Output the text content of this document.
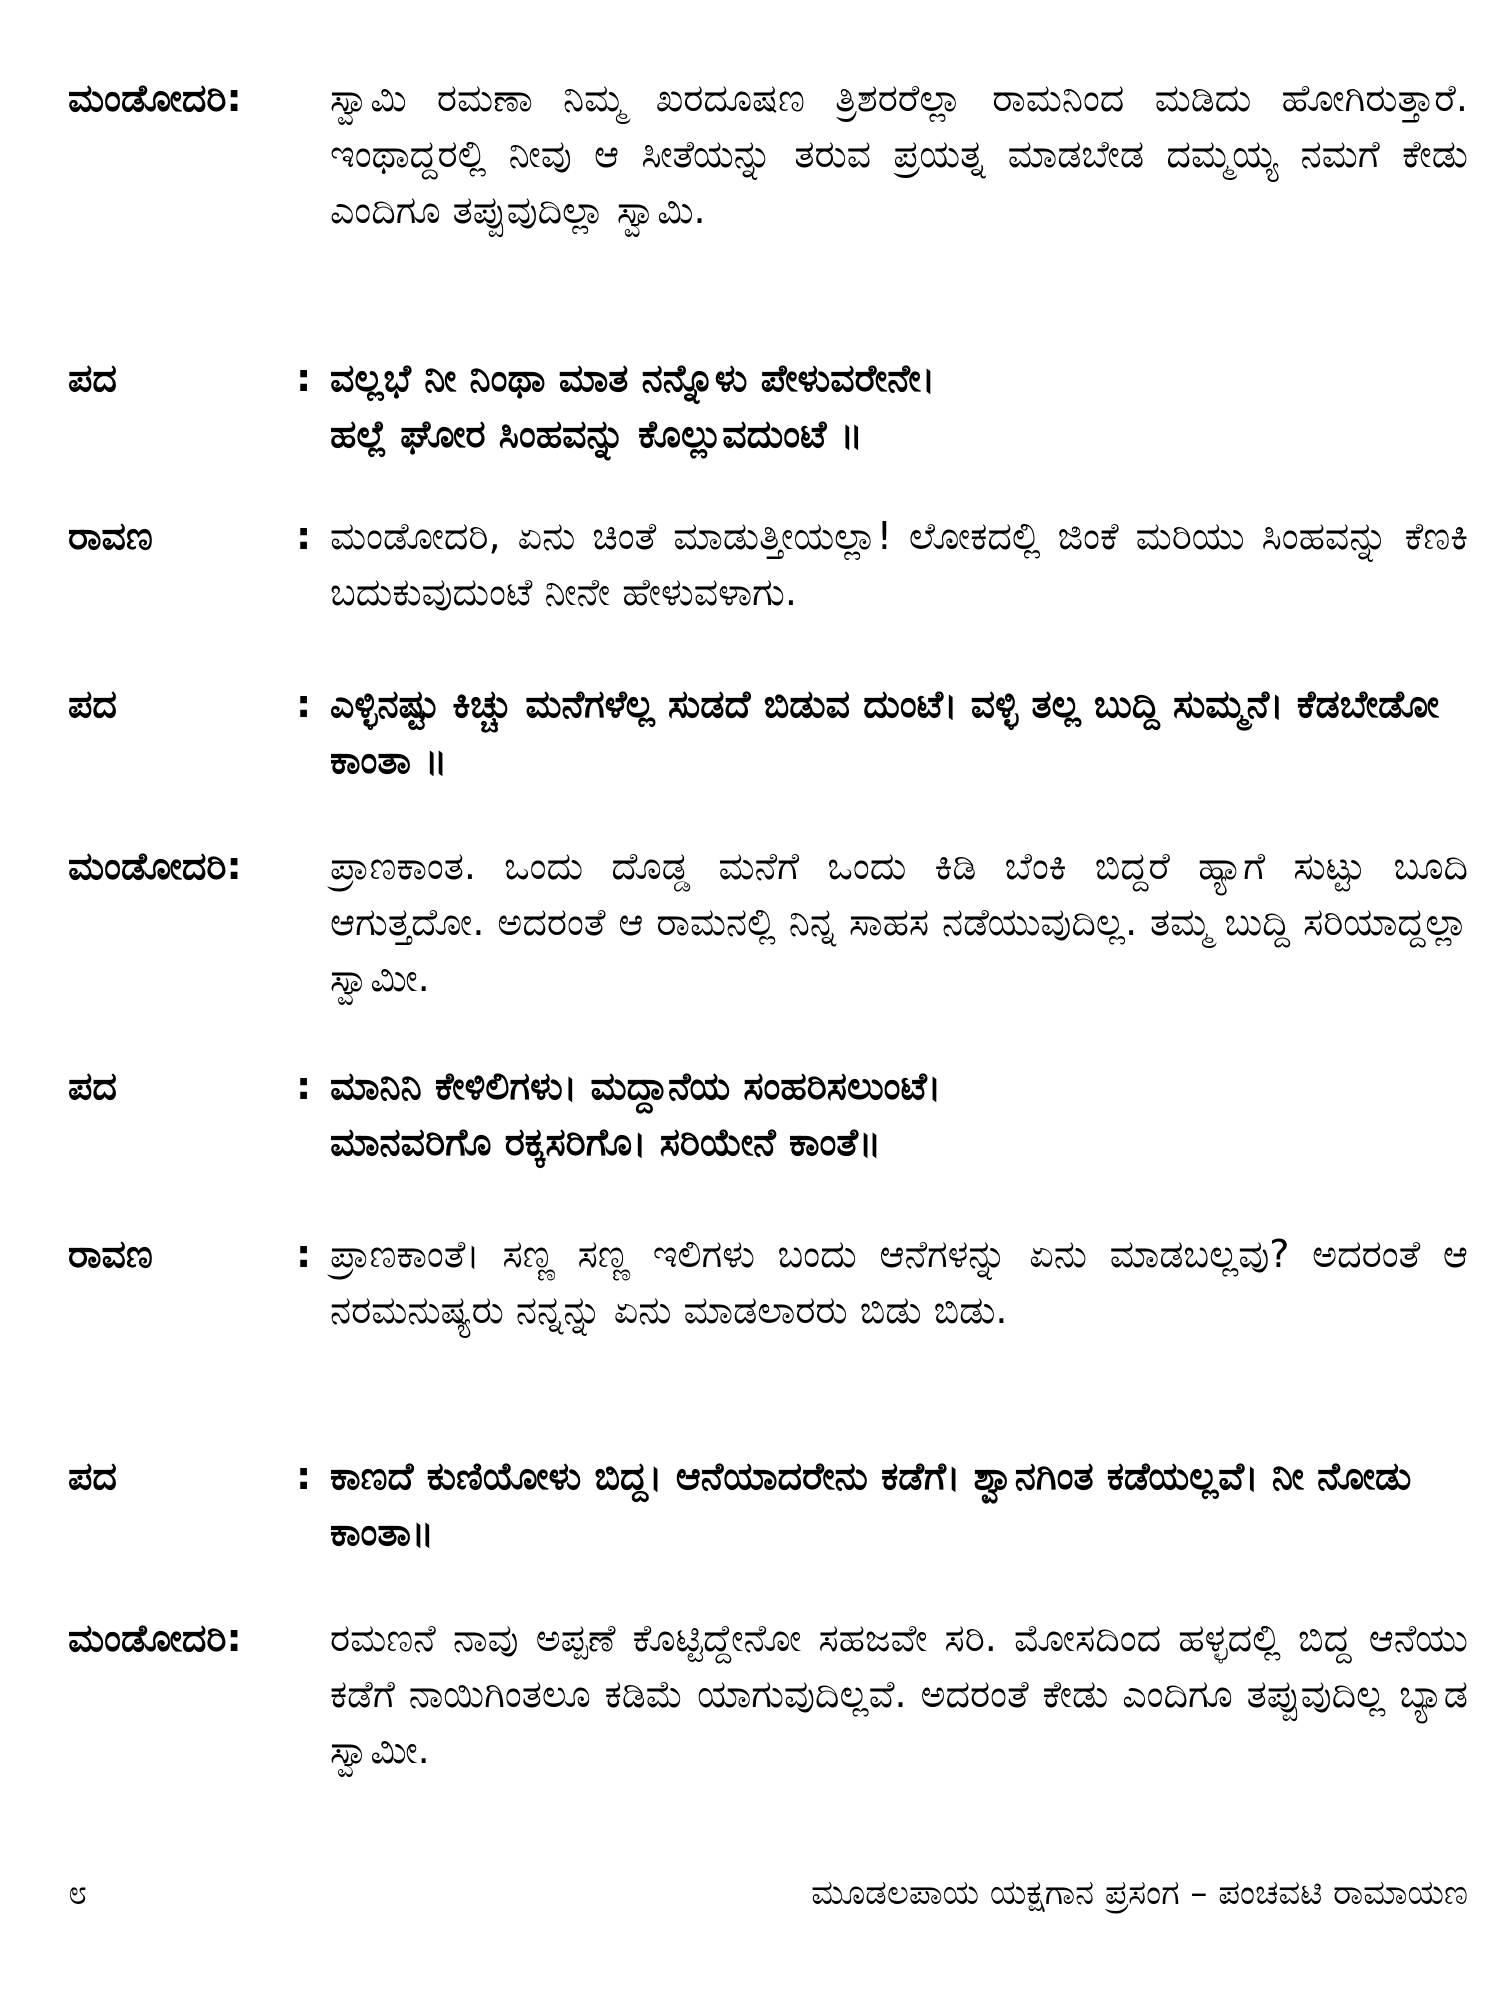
ಮಂಡೋದರಿ: ಸ್ವಾಮಿ ರಮಣಾ ನಿಮ್ಮ ಖರದೂಷಣ ತ್ರಿಶರರೆಲ್ಲಾ ರಾಮನಿಂದ ಮಡಿದು ಹೋಗಿರುತ್ತಾರೆ. ಇಂಥಾದ್ದರಲ್ಲಿ ನೀವು ಆ ಸೀತೆಯನ್ನು ತರುವ ಪ್ರಯತ್ನ ಮಾಡಬೇಡ ದಮ್ಮಯ್ಯ ನಮಗೆ ಕೇಡು ಎಂದಿಗೂ ತಪ್ಪುವುದಿಲ್ಲಾ ಸ್ವಾಮಿ.
ಪದ	: ವಲ್ಲಭೆ ನೀ ನಿಂಥಾ ಮಾತ ನನ್ನೊಳು ಪೇಳುವರೇನೇ।
ಹಲ್ಲೆ ಘೋರ ಸಿಂಹವನ್ನು ಕೊಲ್ಲುವದುಂಟೆ ॥
ರಾವಣ	: ಮಂಡೋದರಿ, ಏನು ಚಿಂತೆ ಮಾಡುತ್ತೀಯಲ್ಲಾ! ಲೋಕದಲ್ಲಿ ಜಿಂಕೆ ಮರಿಯು ಸಿಂಹವನ್ನು ಕೆಣಕಿ ಬದುಕುವುದುಂಟೆ ನೀನೇ ಹೇಳುವಳಾಗು.
ಪದ	: ಎಳ್ಳಿನಷ್ಟು ಕಿಚ್ಚು ಮನೆಗಳೆಲ್ಲ ಸುಡದೆ ಬಿಡುವ ದುಂಟೆ। ವಳ್ಳಿ ತಲ್ಲ ಬುದ್ದಿ ಸುಮ್ಮನೆ। ಕೆಡಬೇಡೋ ಕಾಂತಾ ॥
ಮಂಡೋದರಿ: ಪ್ರಾಣಕಾಂತ. ಒಂದು ದೊಡ್ಡ ಮನೆಗೆ ಒಂದು ಕಿಡಿ ಬೆಂಕಿ ಬಿದ್ದರೆ ಹ್ಯಾಗೆ ಸುಟ್ಟು ಬೂದಿ ಆಗುತ್ತದೋ. ಅದರಂತೆ ಆ ರಾಮನಲ್ಲಿ ನಿನ್ನ ಸಾಹಸ ನಡೆಯುವುದಿಲ್ಲ. ತಮ್ಮ ಬುದ್ದಿ ಸರಿಯಾದ್ದಲ್ಲಾ ಸ್ವಾಮೀ.
ಪದ	: ಮಾನಿನಿ ಕೇಳಿಲಿಗಳು। ಮದ್ದಾನೆಯ ಸಂಹರಿಸಲುಂಟೆ।
ಮಾನವರಿಗೊ ರಕ್ಕಸರಿಗೊ। ಸರಿಯೇನೆ ಕಾಂತೆ॥
ರಾವಣ	: ಪ್ರಾಣಕಾಂತೆ। ಸಣ್ಣ ಸಣ್ಣ ಇಲಿಗಳು ಬಂದು ಆನೆಗಳನ್ನು ಏನು ಮಾಡಬಲ್ಲವು? ಅದರಂತೆ ಆ ನರಮನುಷ್ಯರು ನನ್ನನ್ನು ಏನು ಮಾಡಲಾರರು ಬಿಡು ಬಿಡು.
ಪದ	: ಕಾಣದೆ ಕುಣಿಯೋಳು ಬಿದ್ದ। ಆನೆಯಾದರೇನು ಕಡೆಗೆ। ಶ್ವಾನಗಿಂತ ಕಡೆಯಲ್ಲವೆ। ನೀ ನೋಡು ಕಾಂತಾ॥
ಮಂಡೋದರಿ: ರಮಣನೆ ನಾವು ಅಪ್ಪಣೆ ಕೊಟ್ಟಿದ್ದೇನೋ ಸಹಜವೇ ಸರಿ. ಮೋಸದಿಂದ ಹಳ್ಳದಲ್ಲಿ ಬಿದ್ದ ಆನೆಯು ಕಡೆಗೆ ನಾಯಿಗಿಂತಲೂ ಕಡಿಮೆ ಯಾಗುವುದಿಲ್ಲವೆ. ಅದರಂತೆ ಕೇಡು ಎಂದಿಗೂ ತಪ್ಪುವುದಿಲ್ಲ ಬ್ಯಾಡ ಸ್ವಾಮೀ.
೮	ಮೂಡಲಪಾಯ ಯಕ್ಷಗಾನ ಪ್ರಸಂಗ – ಪಂಚವಟಿ ರಾಮಾಯಣ
